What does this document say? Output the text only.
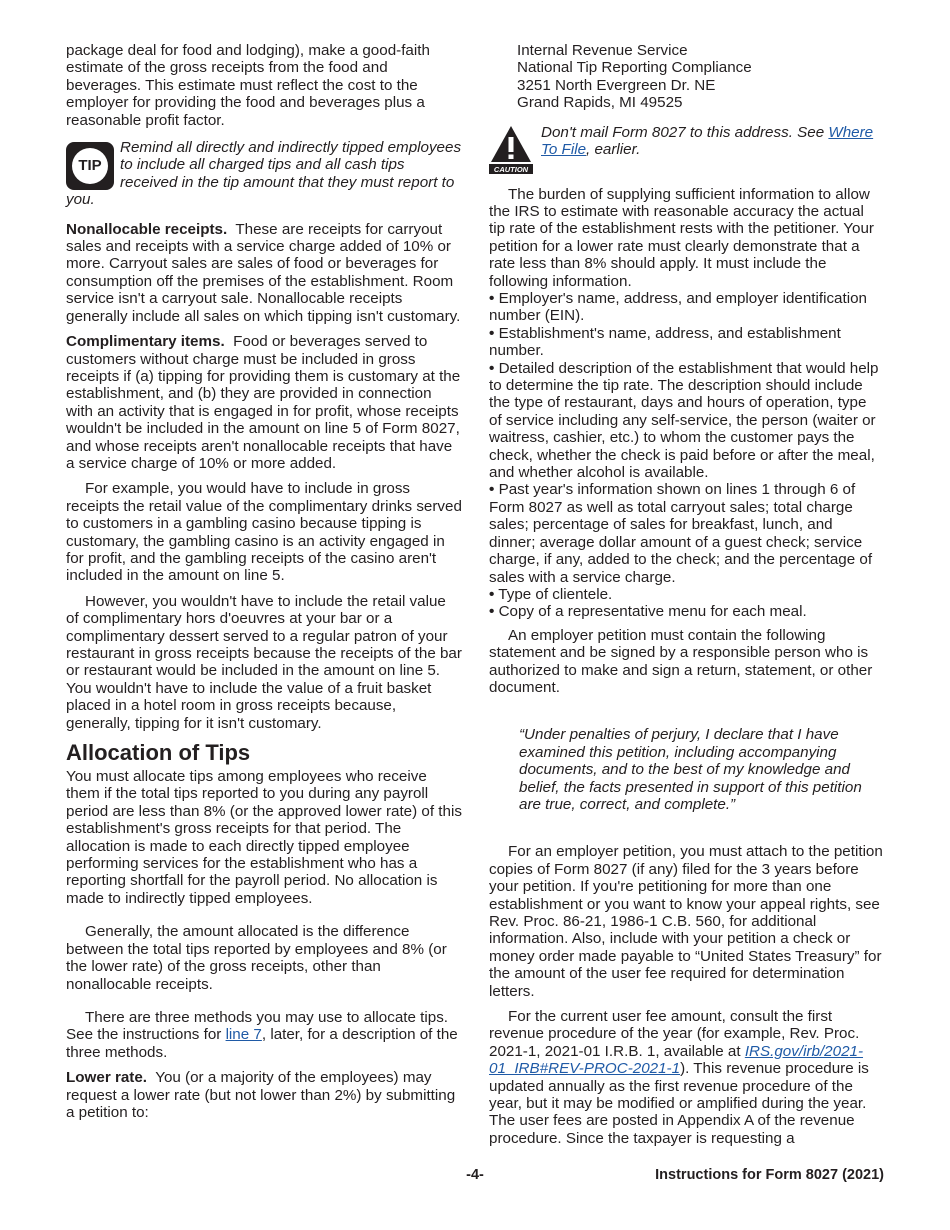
package deal for food and lodging), make a good-faith estimate of the gross receipts from the food and beverages. This estimate must reflect the cost to the employer for providing the food and beverages plus a reasonable profit factor.

TIP
Remind all directly and indirectly tipped employees to include all charged tips and all cash tips received in the tip amount that they must report to you.

Nonallocable receipts. These are receipts for carryout sales and receipts with a service charge added of 10% or more. Carryout sales are sales of food or beverages for consumption off the premises of the establishment. Room service isn't a carryout sale. Nonallocable receipts generally include all sales on which tipping isn't customary.

Complimentary items. Food or beverages served to customers without charge must be included in gross receipts if (a) tipping for providing them is customary at the establishment, and (b) they are provided in connection with an activity that is engaged in for profit, whose receipts wouldn't be included in the amount on line 5 of Form 8027, and whose receipts aren't nonallocable receipts that have a service charge of 10% or more added.

For example, you would have to include in gross receipts the retail value of the complimentary drinks served to customers in a gambling casino because tipping is customary, the gambling casino is an activity engaged in for profit, and the gambling receipts of the casino aren't included in the amount on line 5.

However, you wouldn't have to include the retail value of complimentary hors d'oeuvres at your bar or a complimentary dessert served to a regular patron of your restaurant in gross receipts because the receipts of the bar or restaurant would be included in the amount on line 5. You wouldn't have to include the value of a fruit basket placed in a hotel room in gross receipts because, generally, tipping for it isn't customary.

Allocation of Tips

You must allocate tips among employees who receive them if the total tips reported to you during any payroll period are less than 8% (or the approved lower rate) of this establishment's gross receipts for that period. The allocation is made to each directly tipped employee performing services for the establishment who has a reporting shortfall for the payroll period. No allocation is made to indirectly tipped employees.

Generally, the amount allocated is the difference between the total tips reported by employees and 8% (or the lower rate) of the gross receipts, other than nonallocable receipts.

There are three methods you may use to allocate tips. See the instructions for line 7, later, for a description of the three methods.

Lower rate. You (or a majority of the employees) may request a lower rate (but not lower than 2%) by submitting a petition to:

Internal Revenue Service
National Tip Reporting Compliance
3251 North Evergreen Dr. NE
Grand Rapids, MI 49525
CAUTION
Don't mail Form 8027 to this address. See Where To File, earlier.

The burden of supplying sufficient information to allow the IRS to estimate with reasonable accuracy the actual tip rate of the establishment rests with the petitioner. Your petition for a lower rate must clearly demonstrate that a rate less than 8% should apply. It must include the following information.

• Employer's name, address, and employer identification number (EIN).
• Establishment's name, address, and establishment number.
• Detailed description of the establishment that would help to determine the tip rate. The description should include the type of restaurant, days and hours of operation, type of service including any self-service, the person (waiter or waitress, cashier, etc.) to whom the customer pays the check, whether the check is paid before or after the meal, and whether alcohol is available.
• Past year's information shown on lines 1 through 6 of Form 8027 as well as total carryout sales; total charge sales; percentage of sales for breakfast, lunch, and dinner; average dollar amount of a guest check; service charge, if any, added to the check; and the percentage of sales with a service charge.
• Type of clientele.
• Copy of a representative menu for each meal.

An employer petition must contain the following statement and be signed by a responsible person who is authorized to make and sign a return, statement, or other document.

“Under penalties of perjury, I declare that I have examined this petition, including accompanying documents, and to the best of my knowledge and belief, the facts presented in support of this petition are true, correct, and complete.”

For an employer petition, you must attach to the petition copies of Form 8027 (if any) filed for the 3 years before your petition. If you're petitioning for more than one establishment or you want to know your appeal rights, see Rev. Proc. 86-21, 1986-1 C.B. 560, for additional information. Also, include with your petition a check or money order made payable to “United States Treasury” for the amount of the user fee required for determination letters.

For the current user fee amount, consult the first revenue procedure of the year (for example, Rev. Proc. 2021-1, 2021-01 I.R.B. 1, available at IRS.gov/irb/2021-01_IRB#REV-PROC-2021-1). This revenue procedure is updated annually as the first revenue procedure of the year, but it may be modified or amplified during the year. The user fees are posted in Appendix A of the revenue procedure. Since the taxpayer is requesting a

-4-	Instructions for Form 8027 (2021)
